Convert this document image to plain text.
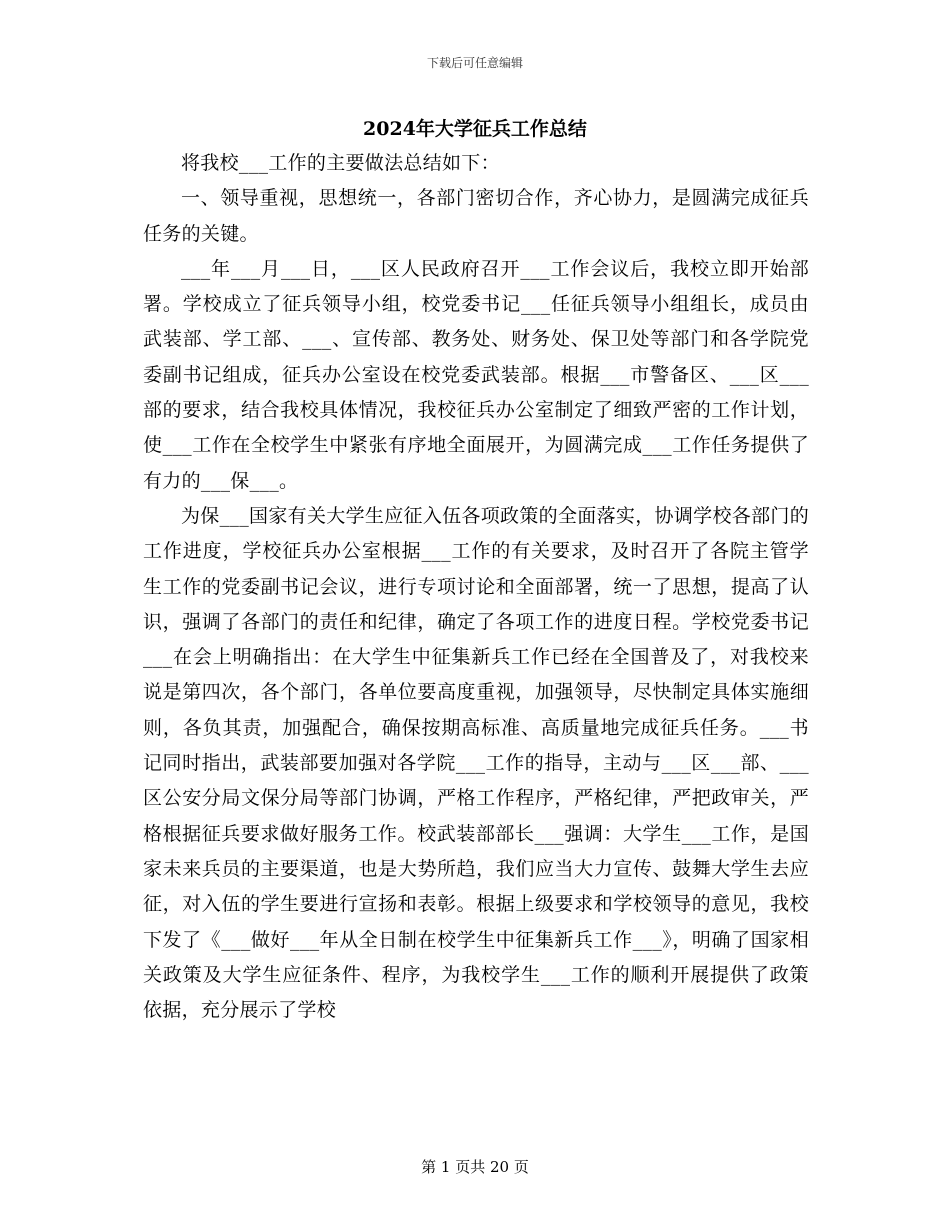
下载后可任意编辑
2024年大学征兵工作总结

将我校___工作的主要做法总结如下：

一、领导重视，思想统一，各部门密切合作，齐心协力，是圆满完成征兵任务的关键。

___年___月___日，___区人民政府召开___工作会议后，我校立即开始部署。学校成立了征兵领导小组，校党委书记___任征兵领导小组组长，成员由武装部、学工部、___、宣传部、教务处、财务处、保卫处等部门和各学院党委副书记组成，征兵办公室设在校党委武装部。根据___市警备区、___区___部的要求，结合我校具体情况，我校征兵办公室制定了细致严密的工作计划，使___工作在全校学生中紧张有序地全面展开，为圆满完成___工作任务提供了有力的___保___。

为保___国家有关大学生应征入伍各项政策的全面落实，协调学校各部门的工作进度，学校征兵办公室根据___工作的有关要求，及时召开了各院主管学生工作的党委副书记会议，进行专项讨论和全面部署，统一了思想，提高了认识，强调了各部门的责任和纪律，确定了各项工作的进度日程。学校党委书记___在会上明确指出：在大学生中征集新兵工作已经在全国普及了，对我校来说是第四次，各个部门，各单位要高度重视，加强领导，尽快制定具体实施细则，各负其责，加强配合，确保按期高标准、高质量地完成征兵任务。___书记同时指出，武装部要加强对各学院___工作的指导，主动与___区___部、___区公安分局文保分局等部门协调，严格工作程序，严格纪律，严把政审关，严格根据征兵要求做好服务工作。校武装部部长___强调：大学生___工作，是国家未来兵员的主要渠道，也是大势所趋，我们应当大力宣传、鼓舞大学生去应征，对入伍的学生要进行宣扬和表彰。根据上级要求和学校领导的意见，我校下发了《___做好___年从全日制在校学生中征集新兵工作___》，明确了国家相关政策及大学生应征条件、程序，为我校学生___工作的顺利开展提供了政策依据，充分展示了学校

第 1 页共 20 页
